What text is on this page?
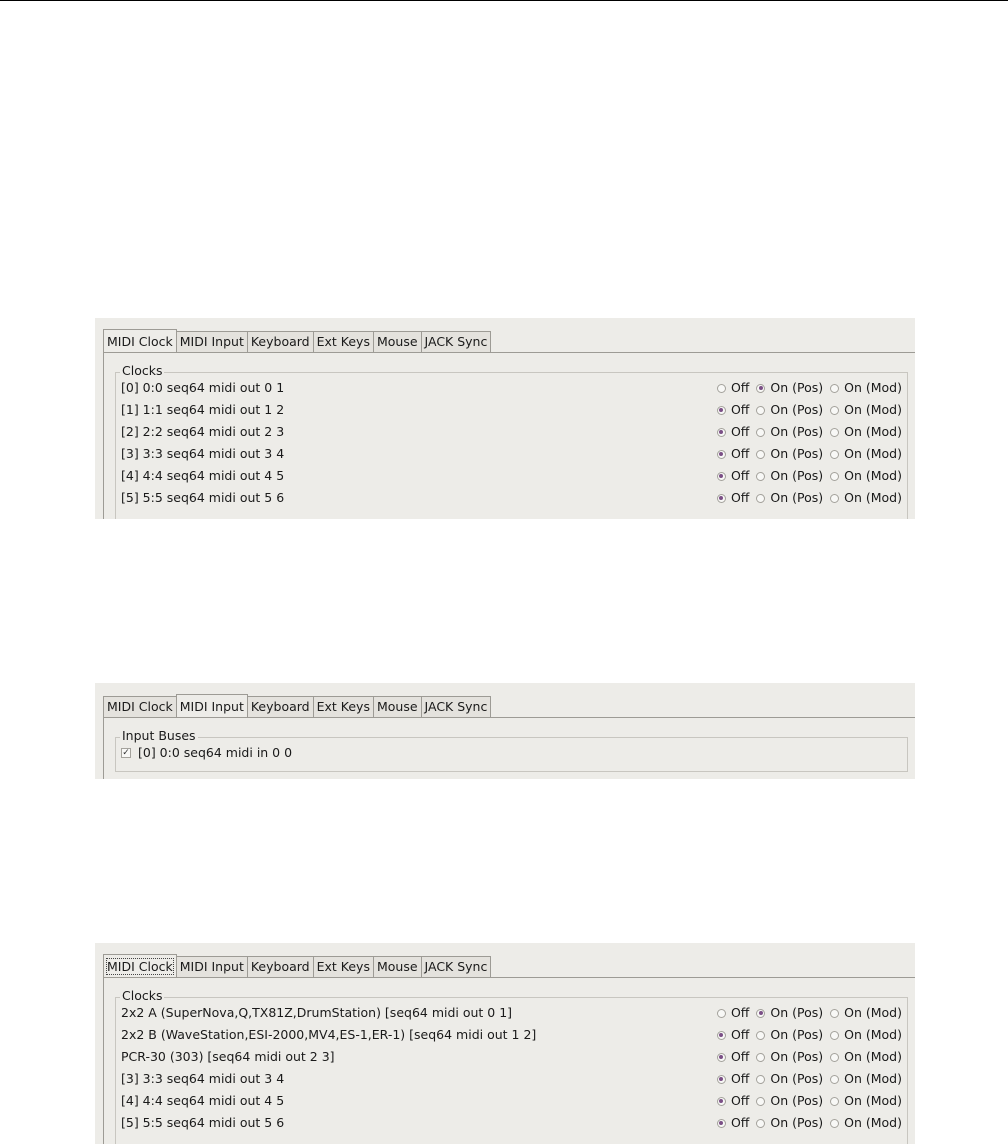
MIDI Clock MIDI Input Keyboard Ext Keys Mouse JACK Sync
Clocks
[0] 0:0 seq64 midi out 0 1	Off On (Pos) On (Mod)
[1] 1:1 seq64 midi out 1 2	Off On (Pos) On (Mod)
[2] 2:2 seq64 midi out 2 3	Off On (Pos) On (Mod)
[3] 3:3 seq64 midi out 3 4	Off On (Pos) On (Mod)
[4] 4:4 seq64 midi out 4 5	Off On (Pos) On (Mod)
[5] 5:5 seq64 midi out 5 6	Off On (Pos) On (Mod)
MIDI Clock MIDI Input Keyboard Ext Keys Mouse JACK Sync
Input Buses
✓ [0] 0:0 seq64 midi in 0 0
MIDI Clock MIDI Input Keyboard Ext Keys Mouse JACK Sync
Clocks
2x2 A (SuperNova,Q,TX81Z,DrumStation) [seq64 midi out 0 1]	Off On (Pos) On (Mod)
2x2 B (WaveStation,ESI-2000,MV4,ES-1,ER-1) [seq64 midi out 1 2]	Off On (Pos) On (Mod)
PCR-30 (303) [seq64 midi out 2 3]	Off On (Pos) On (Mod)
[3] 3:3 seq64 midi out 3 4	Off On (Pos) On (Mod)
[4] 4:4 seq64 midi out 4 5	Off On (Pos) On (Mod)
[5] 5:5 seq64 midi out 5 6	Off On (Pos) On (Mod)
